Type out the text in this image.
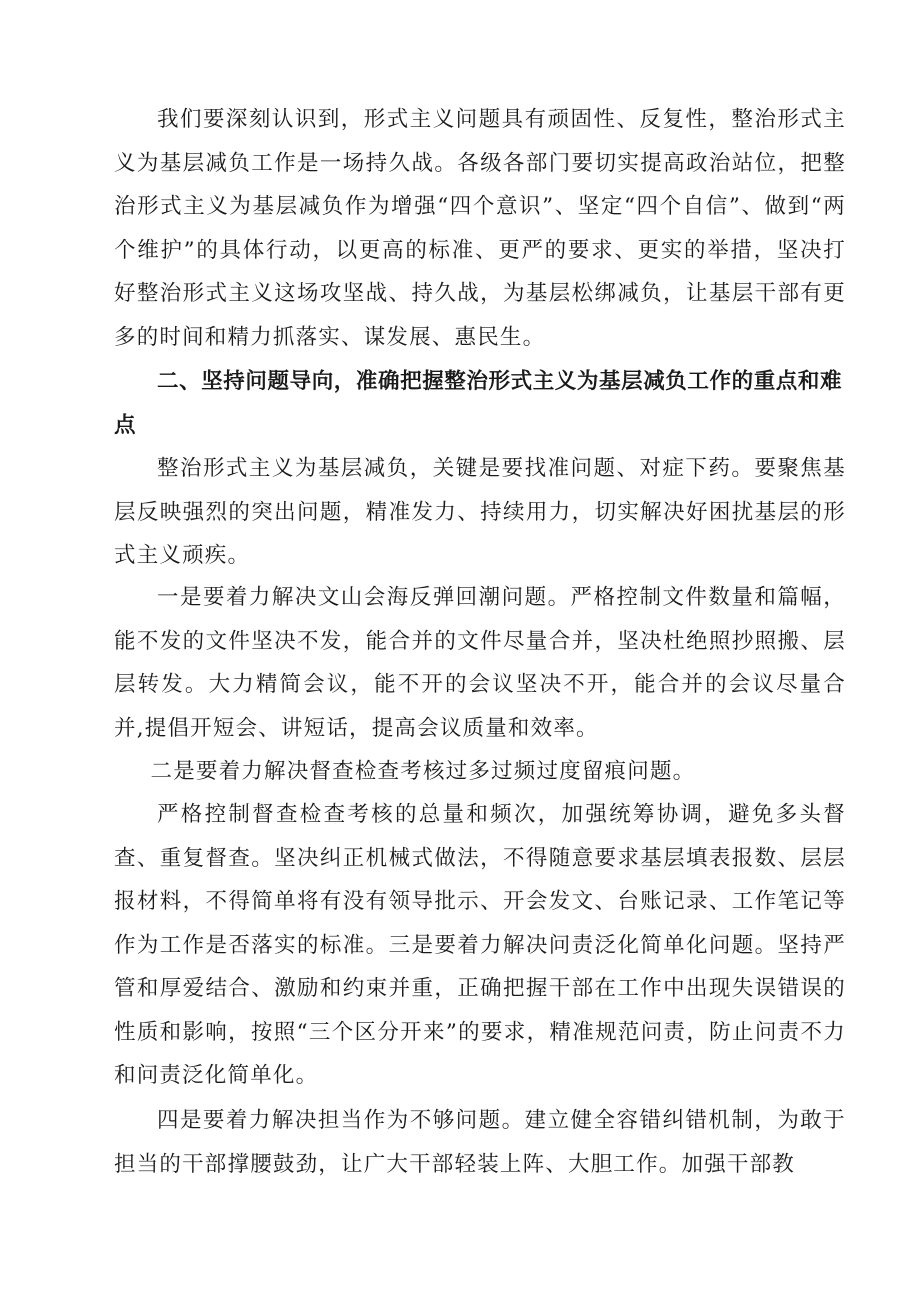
我们要深刻认识到，形式主义问题具有顽固性、反复性，整治形式主义为基层减负工作是一场持久战。各级各部门要切实提高政治站位，把整治形式主义为基层减负作为增强“四个意识”、坚定“四个自信”、做到“两个维护”的具体行动，以更高的标准、更严的要求、更实的举措，坚决打好整治形式主义这场攻坚战、持久战，为基层松绑减负，让基层干部有更多的时间和精力抓落实、谋发展、惠民生。

二、坚持问题导向，准确把握整治形式主义为基层减负工作的重点和难点

整治形式主义为基层减负，关键是要找准问题、对症下药。要聚焦基层反映强烈的突出问题，精准发力、持续用力，切实解决好困扰基层的形式主义顽疾。

一是要着力解决文山会海反弹回潮问题。严格控制文件数量和篇幅，能不发的文件坚决不发，能合并的文件尽量合并，坚决杜绝照抄照搬、层层转发。大力精简会议，能不开的会议坚决不开，能合并的会议尽量合并,提倡开短会、讲短话，提高会议质量和效率。

二是要着力解决督查检查考核过多过频过度留痕问题。

严格控制督查检查考核的总量和频次，加强统筹协调，避免多头督查、重复督查。坚决纠正机械式做法，不得随意要求基层填表报数、层层报材料，不得简单将有没有领导批示、开会发文、台账记录、工作笔记等作为工作是否落实的标准。三是要着力解决问责泛化简单化问题。坚持严管和厚爱结合、激励和约束并重，正确把握干部在工作中出现失误错误的性质和影响，按照“三个区分开来”的要求，精准规范问责，防止问责不力和问责泛化简单化。

四是要着力解决担当作为不够问题。建立健全容错纠错机制，为敢于担当的干部撑腰鼓劲，让广大干部轻装上阵、大胆工作。加强干部教
